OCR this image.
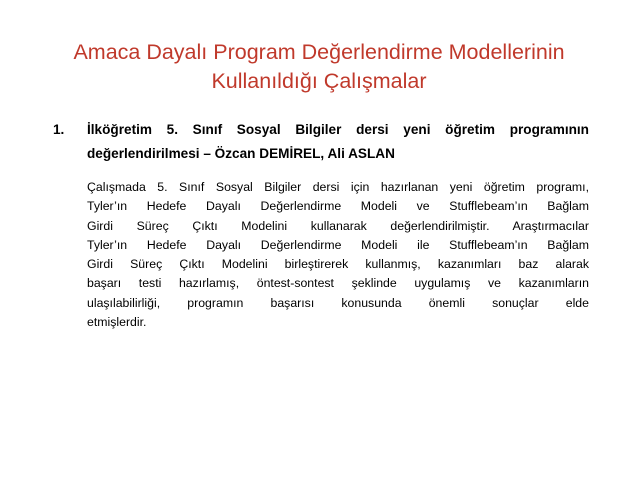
Amaca Dayalı Program Değerlendirme Modellerinin
Kullanıldığı Çalışmalar
1. İlköğretim 5. Sınıf Sosyal Bilgiler dersi yeni öğretim programının
değerlendirilmesi – Özcan DEMİREL, Ali ASLAN
Çalışmada 5. Sınıf Sosyal Bilgiler dersi için hazırlanan yeni öğretim programı,
Tyler’ın Hedefe Dayalı Değerlendirme Modeli ve Stufflebeam’ın Bağlam
Girdi Süreç Çıktı Modelini kullanarak değerlendirilmiştir. Araştırmacılar
Tyler’ın Hedefe Dayalı Değerlendirme Modeli ile Stufflebeam’ın Bağlam
Girdi Süreç Çıktı Modelini birleştirerek kullanmış, kazanımları baz alarak
başarı testi hazırlamış, öntest-sontest şeklinde uygulamış ve kazanımların
ulaşılabilirliği, programın başarısı konusunda önemli sonuçlar elde
etmişlerdir.
